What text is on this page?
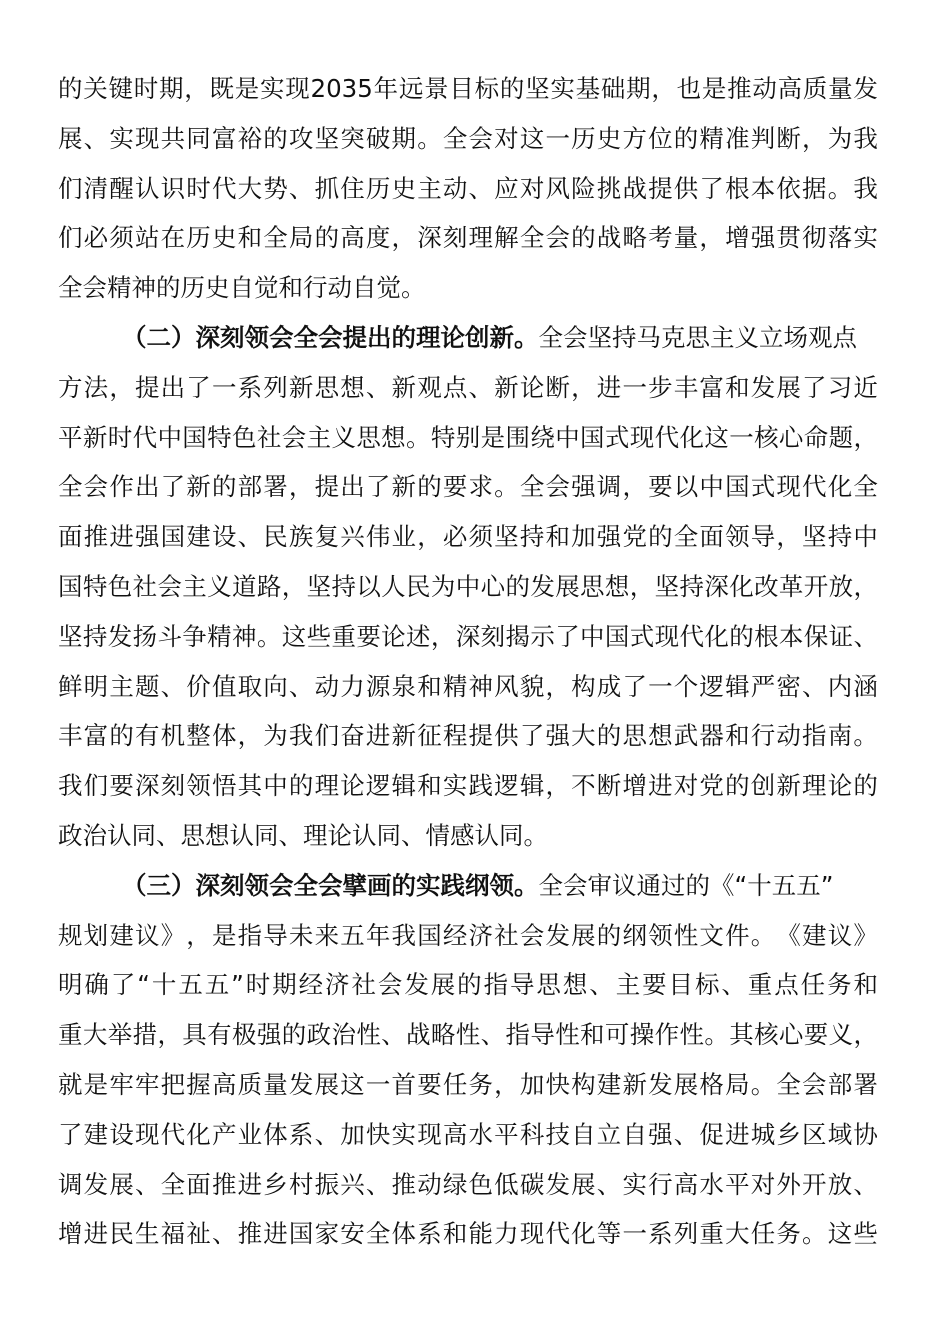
的 关 键 时 期 ， 既 是 实 现 2035 年 远 景 目 标 的 坚 实 基 础 期 ， 也 是 推 动 高 质 量 发
展 、 实 现 共 同 富 裕 的 攻 坚 突 破 期 。 全 会 对 这 一 历 史 方 位 的 精 准 判 断 ， 为 我
们 清 醒 认 识 时 代 大 势 、 抓 住 历 史 主 动 、 应 对 风 险 挑 战 提 供 了 根 本 依 据 。 我
们 必 须 站 在 历 史 和 全 局 的 高 度 ， 深 刻 理 解 全 会 的 战 略 考 量 ， 增 强 贯 彻 落 实
全会精神的历史自觉和行动自觉。
（二）深刻领会全会提出的理论创新。 全会坚持马克思主义立场观点
方 法 ， 提 出 了 一 系 列 新 思 想 、 新 观 点 、 新 论 断 ， 进 一 步 丰 富 和 发 展 了 习 近
平 新 时 代 中 国 特 色 社 会 主 义 思 想 。 特 别 是 围 绕 中 国 式 现 代 化 这 一 核 心 命 题 ，
全 会 作 出 了 新 的 部 署 ， 提 出 了 新 的 要 求 。 全 会 强 调 ， 要 以 中 国 式 现 代 化 全
面 推 进 强 国 建 设 、 民 族 复 兴 伟 业 ， 必 须 坚 持 和 加 强 党 的 全 面 领 导 ， 坚 持 中
国 特 色 社 会 主 义 道 路 ， 坚 持 以 人 民 为 中 心 的 发 展 思 想 ， 坚 持 深 化 改 革 开 放 ，
坚 持 发 扬 斗 争 精 神 。 这 些 重 要 论 述 ， 深 刻 揭 示 了 中 国 式 现 代 化 的 根 本 保 证 、
鲜 明 主 题 、 价 值 取 向 、 动 力 源 泉 和 精 神 风 貌 ， 构 成 了 一 个 逻 辑 严 密 、 内 涵
丰 富 的 有 机 整 体 ， 为 我 们 奋 进 新 征 程 提 供 了 强 大 的 思 想 武 器 和 行 动 指 南 。
我 们 要 深 刻 领 悟 其 中 的 理 论 逻 辑 和 实 践 逻 辑 ， 不 断 增 进 对 党 的 创 新 理 论 的
政治认同、思想认同、理论认同、情感认同。
（三）深刻领会全会擘画的实践纲领。 全会审议通过的《“十五五”
规 划 建 议 》 ， 是 指 导 未 来 五 年 我 国 经 济 社 会 发 展 的 纲 领 性 文 件 。 《 建 议 》
明 确 了 “ 十 五 五 ” 时 期 经 济 社 会 发 展 的 指 导 思 想 、 主 要 目 标 、 重 点 任 务 和
重 大 举 措 ， 具 有 极 强 的 政 治 性 、 战 略 性 、 指 导 性 和 可 操 作 性 。 其 核 心 要 义 ，
就 是 牢 牢 把 握 高 质 量 发 展 这 一 首 要 任 务 ， 加 快 构 建 新 发 展 格 局 。 全 会 部 署
了 建 设 现 代 化 产 业 体 系 、 加 快 实 现 高 水 平 科 技 自 立 自 强 、 促 进 城 乡 区 域 协
调 发 展 、 全 面 推 进 乡 村 振 兴 、 推 动 绿 色 低 碳 发 展 、 实 行 高 水 平 对 外 开 放 、
增 进 民 生 福 祉 、 推 进 国 家 安 全 体 系 和 能 力 现 代 化 等 一 系 列 重 大 任 务 。 这 些
